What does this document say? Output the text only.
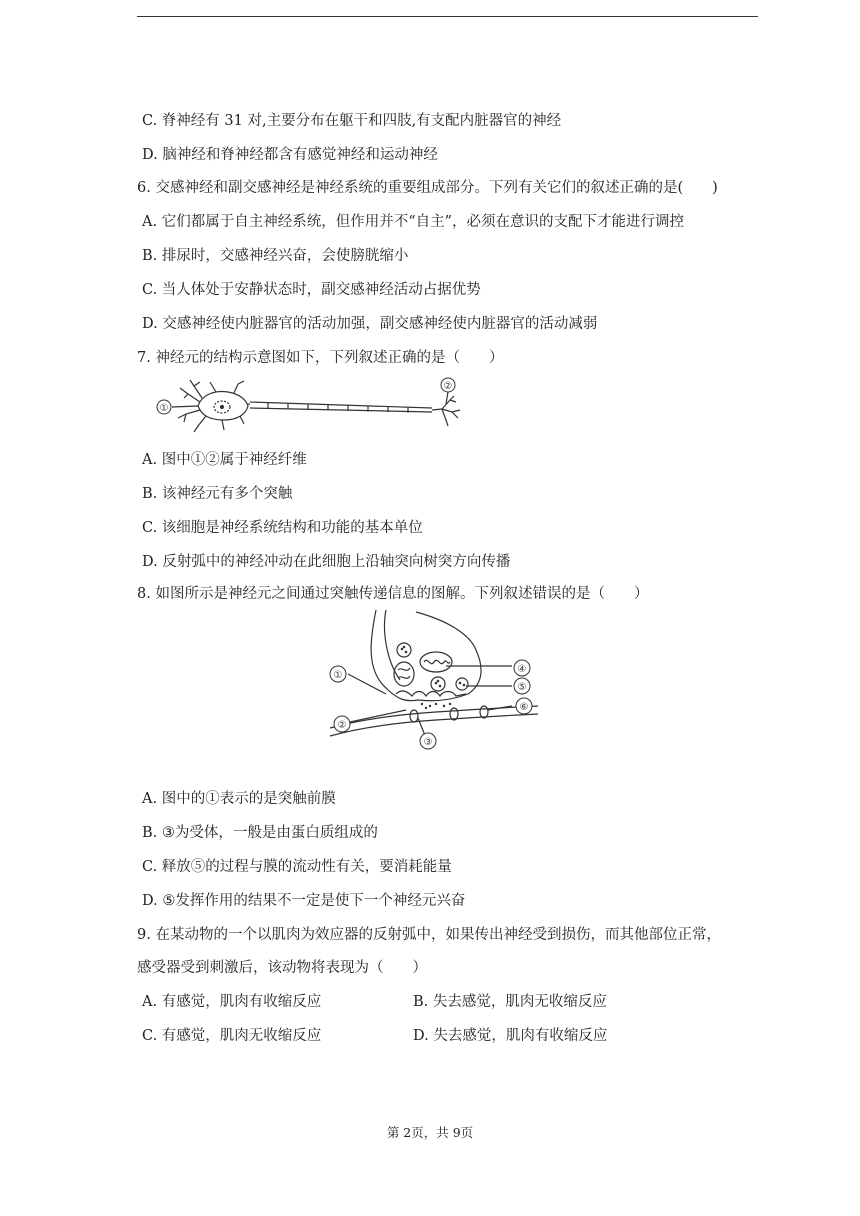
C. 脊神经有 31 对,主要分布在躯干和四肢,有支配内脏器官的神经
D. 脑神经和脊神经都含有感觉神经和运动神经
6. 交感神经和副交感神经是神经系统的重要组成部分。下列有关它们的叙述正确的是(　　)
A. 它们都属于自主神经系统，但作用并不“自主”，必须在意识的支配下才能进行调控
B. 排尿时，交感神经兴奋，会使膀胱缩小
C. 当人体处于安静状态时，副交感神经活动占据优势
D. 交感神经使内脏器官的活动加强，副交感神经使内脏器官的活动减弱
7. 神经元的结构示意图如下，下列叙述正确的是（　　）
①
②
A. 图中①②属于神经纤维
B. 该神经元有多个突触
C. 该细胞是神经系统结构和功能的基本单位
D. 反射弧中的神经冲动在此细胞上沿轴突向树突方向传播
8. 如图所示是神经元之间通过突触传递信息的图解。下列叙述错误的是（　　）
①
②
③
④
⑤
⑥
A. 图中的①表示的是突触前膜
B. ③为受体，一般是由蛋白质组成的
C. 释放⑤的过程与膜的流动性有关，要消耗能量
D. ⑤发挥作用的结果不一定是使下一个神经元兴奋
9. 在某动物的一个以肌肉为效应器的反射弧中，如果传出神经受到损伤，而其他部位正常，
感受器受到刺激后，该动物将表现为（　　）
A. 有感觉，肌肉有收缩反应	B. 失去感觉，肌肉无收缩反应
C. 有感觉，肌肉无收缩反应	D. 失去感觉，肌肉有收缩反应
第 2页，共 9页
